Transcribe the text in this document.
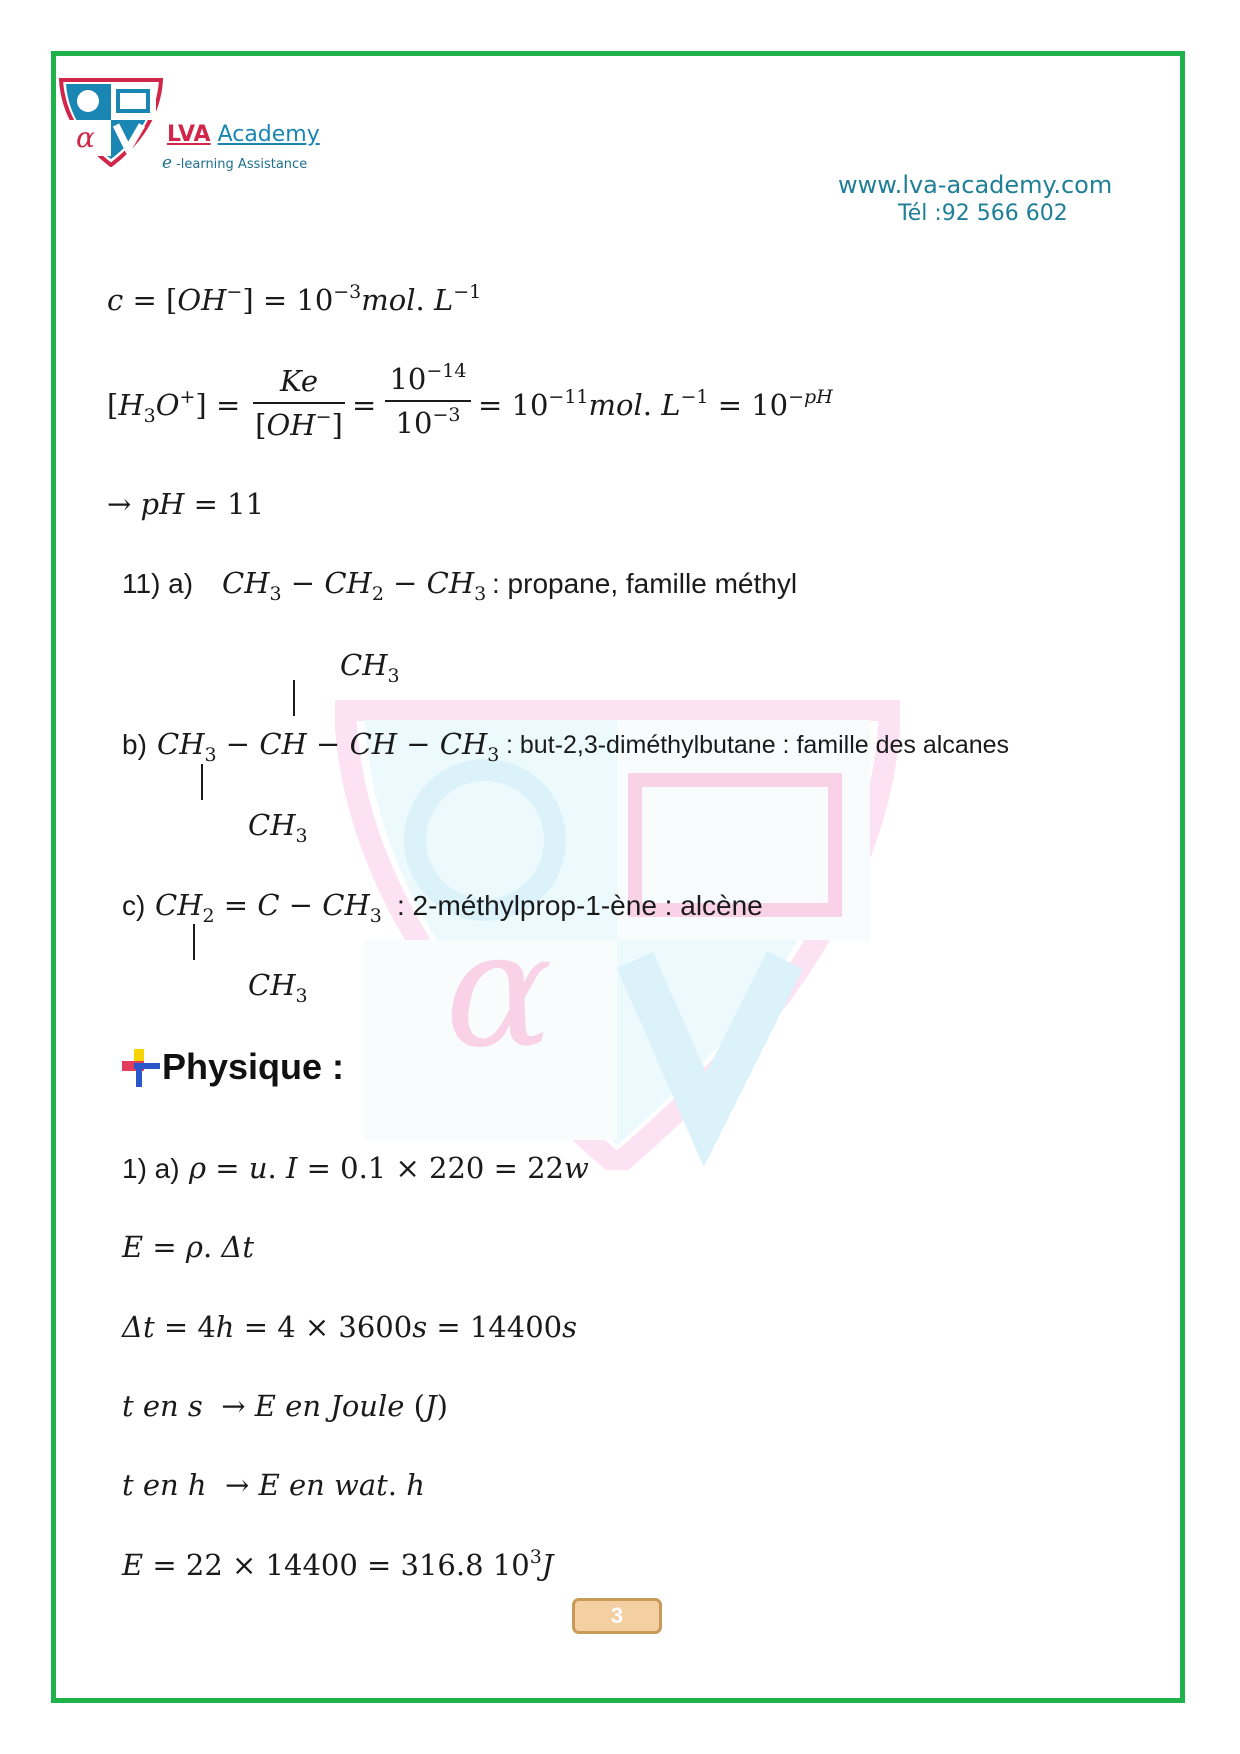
α
α	LVA Academy
e -learning Assistance
www.lva-academy.com
Tél :92 566 602
$c = [OH^-] = 10^{-3}mol$. $L^{-1}$
$[H_3O^+]$ =
Ke
[OH−]
=
$10^{-14}$
$10^{-3} = 10^{-11}mol$. $L^{-1} = 10^{-pH}$
→ pH = 11
11) a) $CH_3 - CH_2 - CH_3$ : propane, famille méthyl
$CH_3$
b) $CH_3$ − CH − CH − $CH_3$ : but-2,3-diméthylbutane : famille des alcanes
$CH_3$
c) $CH_2 = C - CH_3$ : 2-méthylprop-1-ène : alcène
$CH_3$
Physique :
1) a) ρ = u. I = 0.1 × 220 = 22w
E = ρ. Δt
Δt = 4h = 4 × 3600s = 14400s
t en s  → E en Joule (J)
t en h  → E en wat. h
E = 22 × 14400 = 316.8 $10^3J$
3
